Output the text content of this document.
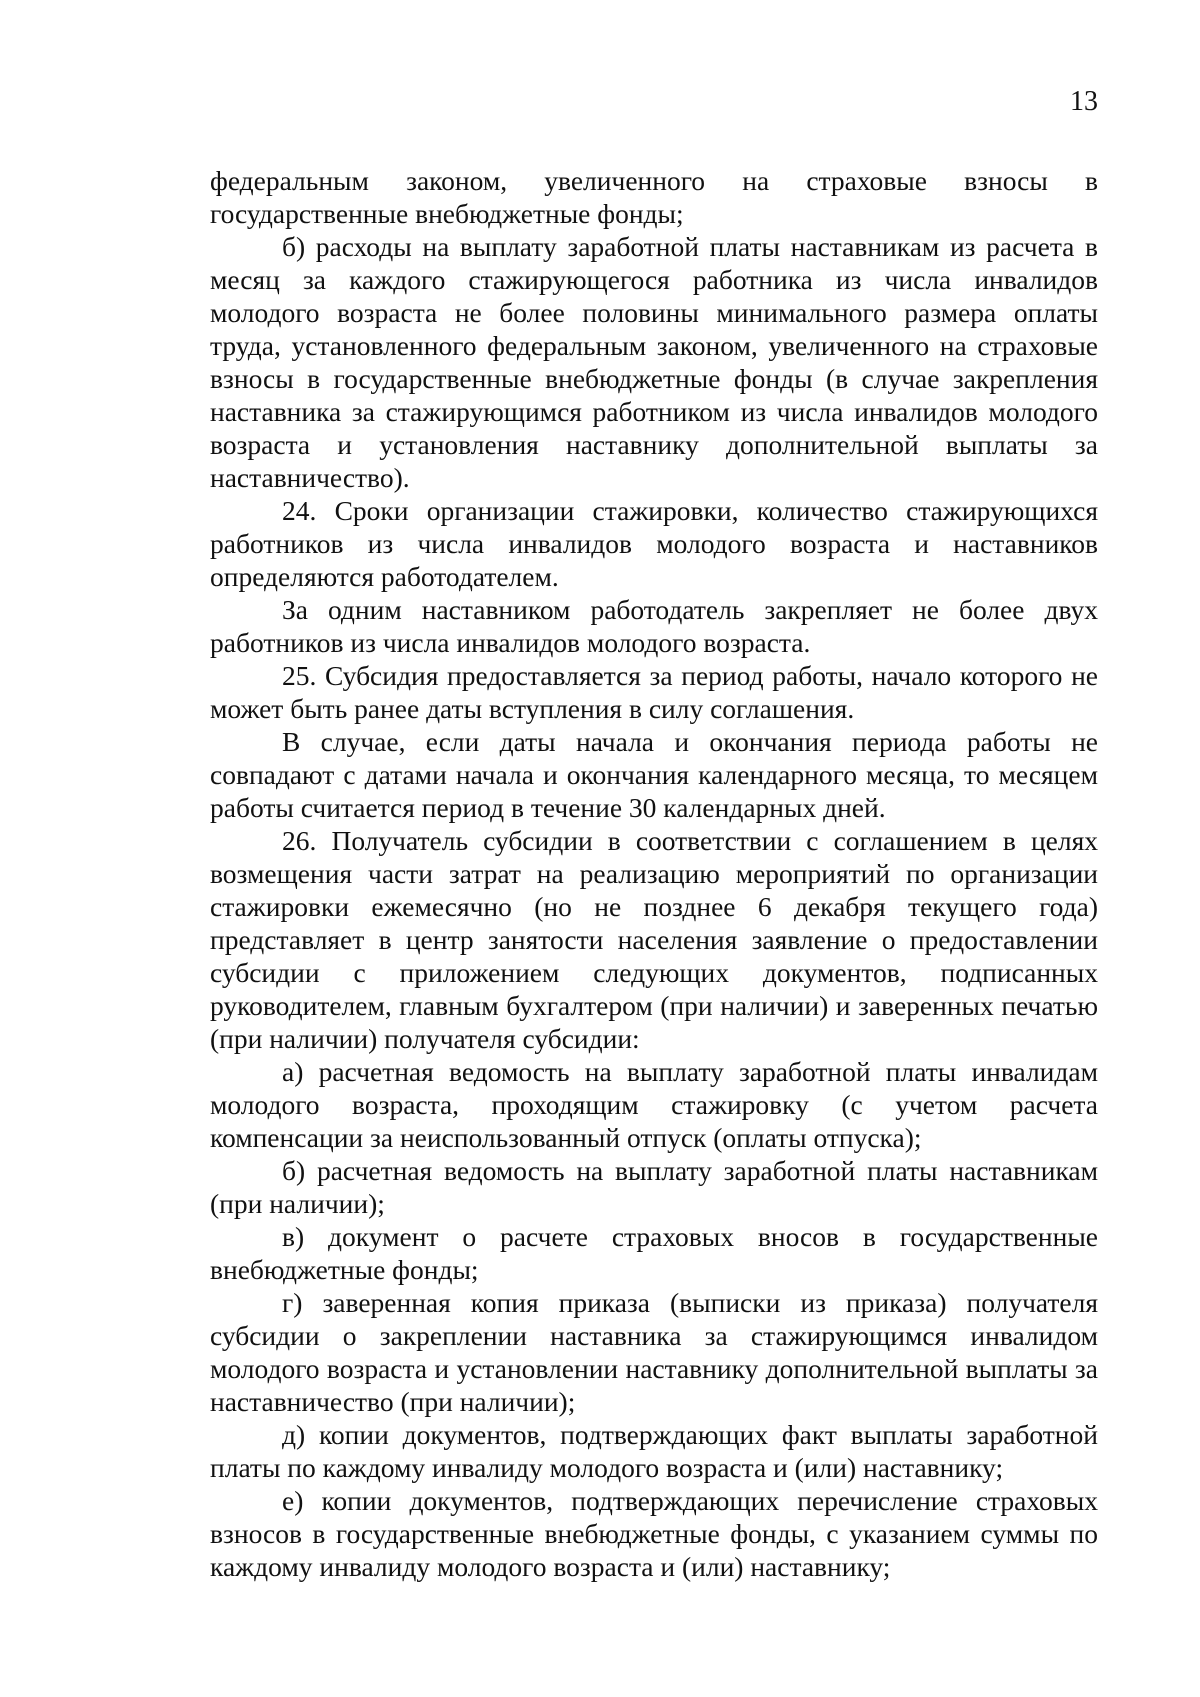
13

федеральным законом, увеличенного на страховые взносы в государственные внебюджетные фонды;

б) расходы на выплату заработной платы наставникам из расчета в месяц за каждого стажирующегося работника из числа инвалидов молодого возраста не более половины минимального размера оплаты труда, установленного федеральным законом, увеличенного на страховые взносы в государственные внебюджетные фонды (в случае закрепления наставника за стажирующимся работником из числа инвалидов молодого возраста и установления наставнику дополнительной выплаты за наставничество).

24. Сроки организации стажировки, количество стажирующихся работников из числа инвалидов молодого возраста и наставников определяются работодателем.

За одним наставником работодатель закрепляет не более двух работников из числа инвалидов молодого возраста.

25. Субсидия предоставляется за период работы, начало которого не может быть ранее даты вступления в силу соглашения.

В случае, если даты начала и окончания периода работы не совпадают с датами начала и окончания календарного месяца, то месяцем работы считается период в течение 30 календарных дней.

26. Получатель субсидии в соответствии с соглашением в целях возмещения части затрат на реализацию мероприятий по организации стажировки ежемесячно (но не позднее 6 декабря текущего года) представляет в центр занятости населения заявление о предоставлении субсидии с приложением следующих документов, подписанных руководителем, главным бухгалтером (при наличии) и заверенных печатью (при наличии) получателя субсидии:

а) расчетная ведомость на выплату заработной платы инвалидам молодого возраста, проходящим стажировку (с учетом расчета компенсации за неиспользованный отпуск (оплаты отпуска);

б) расчетная ведомость на выплату заработной платы наставникам (при наличии);

в) документ о расчете страховых вносов в государственные внебюджетные фонды;

г) заверенная копия приказа (выписки из приказа) получателя субсидии о закреплении наставника за стажирующимся инвалидом молодого возраста и установлении наставнику дополнительной выплаты за наставничество (при наличии);

д) копии документов, подтверждающих факт выплаты заработной платы по каждому инвалиду молодого возраста и (или) наставнику;

е) копии документов, подтверждающих перечисление страховых взносов в государственные внебюджетные фонды, с указанием суммы по каждому инвалиду молодого возраста и (или) наставнику;
